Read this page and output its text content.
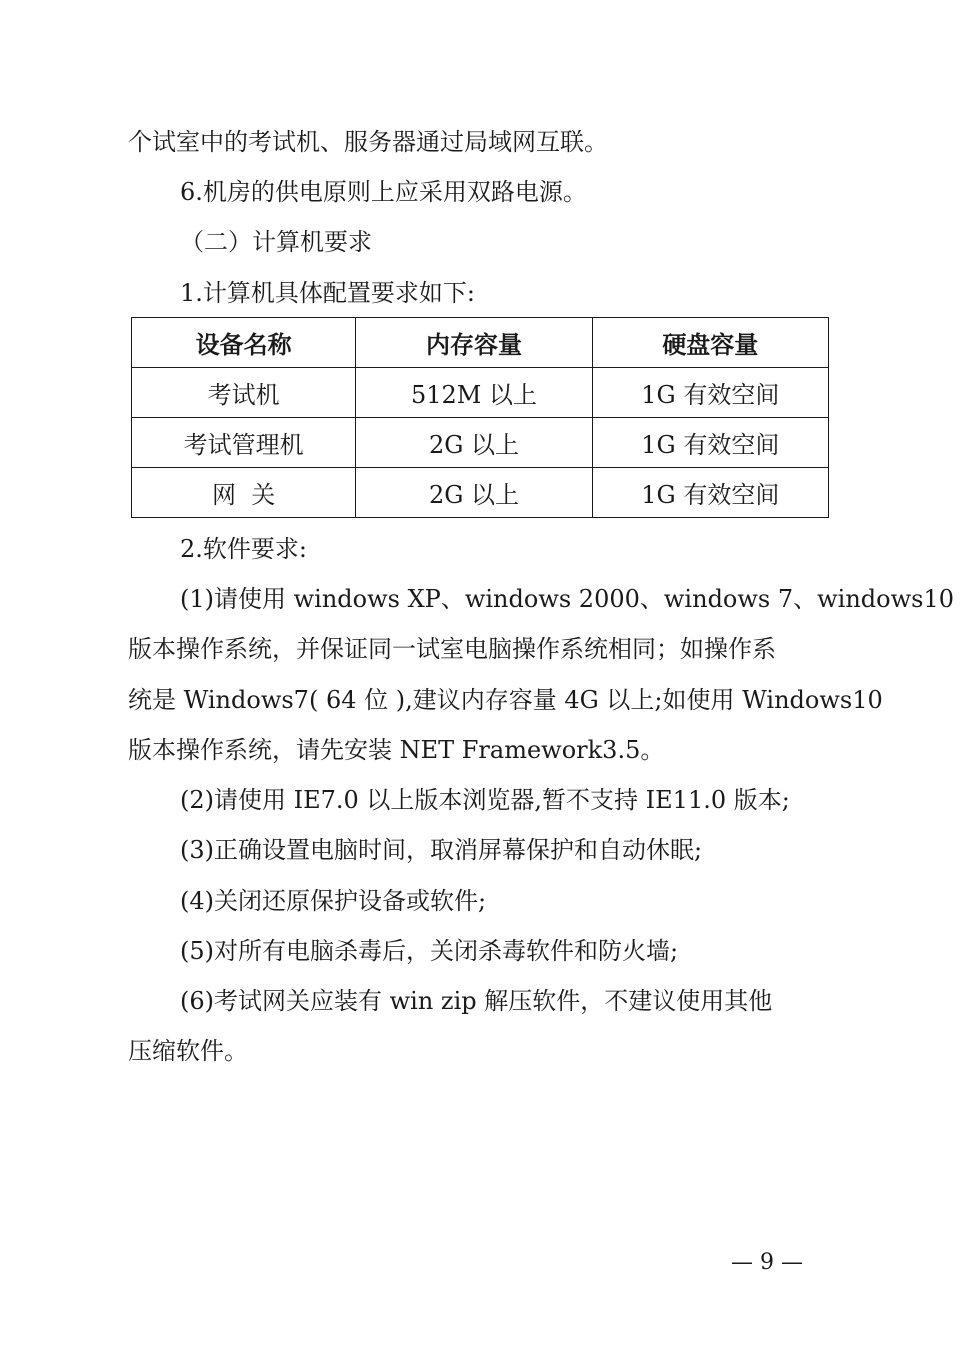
个试室中的考试机、服务器通过局域网互联。

6.机房的供电原则上应采用双路电源。

（二）计算机要求

1.计算机具体配置要求如下:

设备名称	内存容量	硬盘容量
考试机	512M 以上	1G 有效空间
考试管理机	2G 以上	1G 有效空间
网  关	2G 以上	1G 有效空间

2.软件要求:

(1)请使用 windows XP、windows 2000、windows 7、windows10

版本操作系统，并保证同一试室电脑操作系统相同；如操作系

统是 Windows7( 64 位 ),建议内存容量 4G 以上;如使用 Windows10

版本操作系统，请先安装 NET Framework3.5。

(2)请使用 IE7.0 以上版本浏览器,暂不支持 IE11.0 版本;

(3)正确设置电脑时间，取消屏幕保护和自动休眠;

(4)关闭还原保护设备或软件;

(5)对所有电脑杀毒后，关闭杀毒软件和防火墙;

(6)考试网关应装有 win zip 解压软件，不建议使用其他

压缩软件。

— 9 —
